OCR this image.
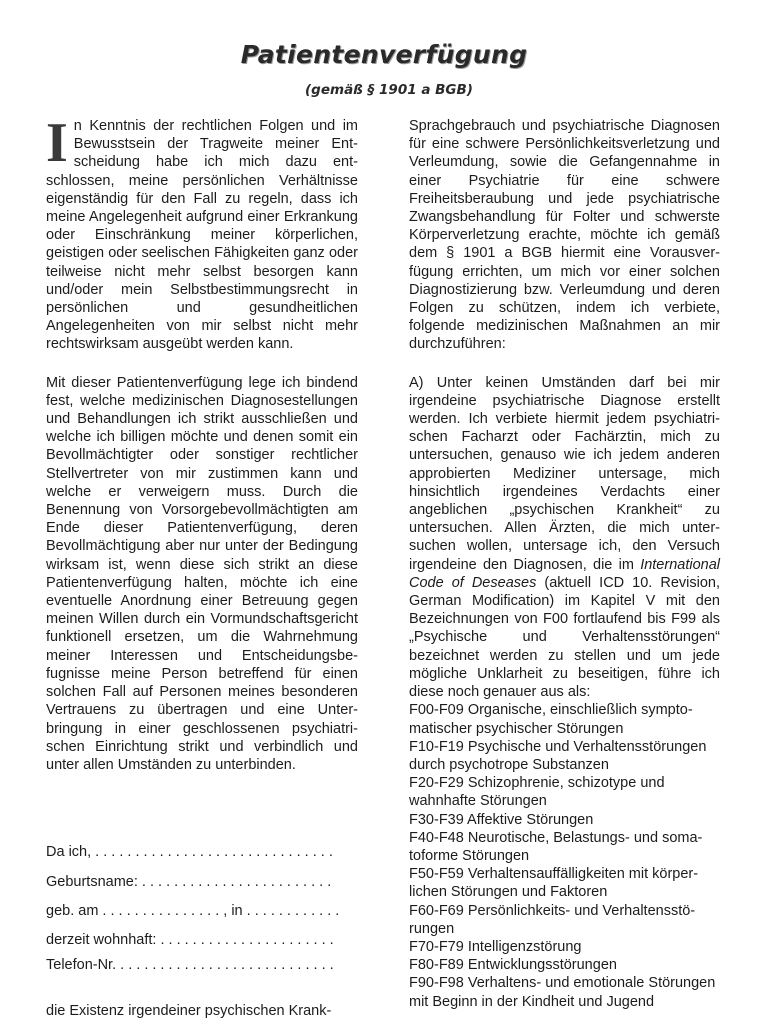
Patientenverfügung
(gemäß § 1901 a BGB)

In Kenntnis der rechtlichen Folgen und im Bewusstsein der Tragweite meiner Entscheidung habe ich mich dazu entschlossen, meine persönlichen Verhältnisse eigenständig für den Fall zu regeln, dass ich meine Angelegenheit aufgrund einer Erkrankung oder Einschränkung meiner körperlichen, geistigen oder seelischen Fähigkeiten ganz oder teilweise nicht mehr selbst besorgen kann und/oder mein Selbstbestimmungsrecht in persönlichen und gesundheitlichen Angelegenheiten von mir selbst nicht mehr rechtswirksam ausgeübt werden kann.

Mit dieser Patientenverfügung lege ich bindend fest, welche medizinischen Diagnosestellungen und Behandlungen ich strikt ausschließen und welche ich billigen möchte und denen somit ein Bevollmächtigter oder sonstiger rechtlicher Stellvertreter von mir zustimmen kann und welche er verweigern muss. Durch die Benennung von Vorsorgebevollmächtigten am Ende dieser Patientenverfügung, deren Bevollmächtigung aber nur unter der Bedingung wirksam ist, wenn diese sich strikt an diese Patientenverfügung halten, möchte ich eine eventuelle Anordnung einer Betreuung gegen meinen Willen durch ein Vormundschaftsgericht funktionell ersetzen, um die Wahrnehmung meiner Interessen und Entscheidungsbefugnisse meine Person betreffend für einen solchen Fall auf Personen meines besonderen Vertrauens zu übertragen und eine Unterbringung in einer geschlossenen psychiatrischen Einrichtung strikt und verbindlich und unter allen Umständen zu unterbinden.

Da ich, . . . . . . . . . . . . . . . . . . . . . . . . . . . . . .
Geburtsname: . . . . . . . . . . . . . . . . . . . . . . . .
geb. am . . . . . . . . . . . . . . . , in . . . . . . . . . . . .
derzeit wohnhaft: . . . . . . . . . . . . . . . . . . . . . .
Telefon-Nr. . . . . . . . . . . . . . . . . . . . . . . . . . . .
die Existenz irgendeiner psychischen Krank-

Sprachgebrauch und psychiatrische Diagnosen für eine schwere Persönlichkeitsverletzung und Verleumdung, sowie die Gefangennahme in einer Psychiatrie für eine schwere Freiheitsberaubung und jede psychiatrische Zwangsbehandlung für Folter und schwerste Körperverletzung erachte, möchte ich gemäß dem § 1901 a BGB hiermit eine Vorausverfügung errichten, um mich vor einer solchen Diagnostizierung bzw. Verleumdung und deren Folgen zu schützen, indem ich verbiete, folgende medizinischen Maßnahmen an mir durchzuführen:

A) Unter keinen Umständen darf bei mir irgendeine psychiatrische Diagnose erstellt werden. Ich verbiete hiermit jedem psychiatrischen Facharzt oder Fachärztin, mich zu untersuchen, genauso wie ich jedem anderen approbierten Mediziner untersage, mich hinsichtlich irgendeines Verdachts einer angeblichen „psychischen Krankheit“ zu untersuchen. Allen Ärzten, die mich untersuchen wollen, untersage ich, den Versuch irgendeine den Diagnosen, die im International Code of Deseases (aktuell ICD 10. Revision, German Modification) im Kapitel V mit den Bezeichnungen von F00 fortlaufend bis F99 als „Psychische und Verhaltensstörungen“ bezeichnet werden zu stellen und um jede mögliche Unklarheit zu beseitigen, führe ich diese noch genauer aus als:

F00-F09 Organische, einschließlich symptomatischer psychischer Störungen
F10-F19 Psychische und Verhaltensstörungen durch psychotrope Substanzen
F20-F29 Schizophrenie, schizotype und wahnhafte Störungen
F30-F39 Affektive Störungen
F40-F48 Neurotische, Belastungs- und somatoforme Störungen
F50-F59 Verhaltensauffälligkeiten mit körperlichen Störungen und Faktoren
F60-F69 Persönlichkeits- und Verhaltensstörungen
F70-F79 Intelligenzstörung
F80-F89 Entwicklungsstörungen
F90-F98 Verhaltens- und emotionale Störungen mit Beginn in der Kindheit und Jugend
